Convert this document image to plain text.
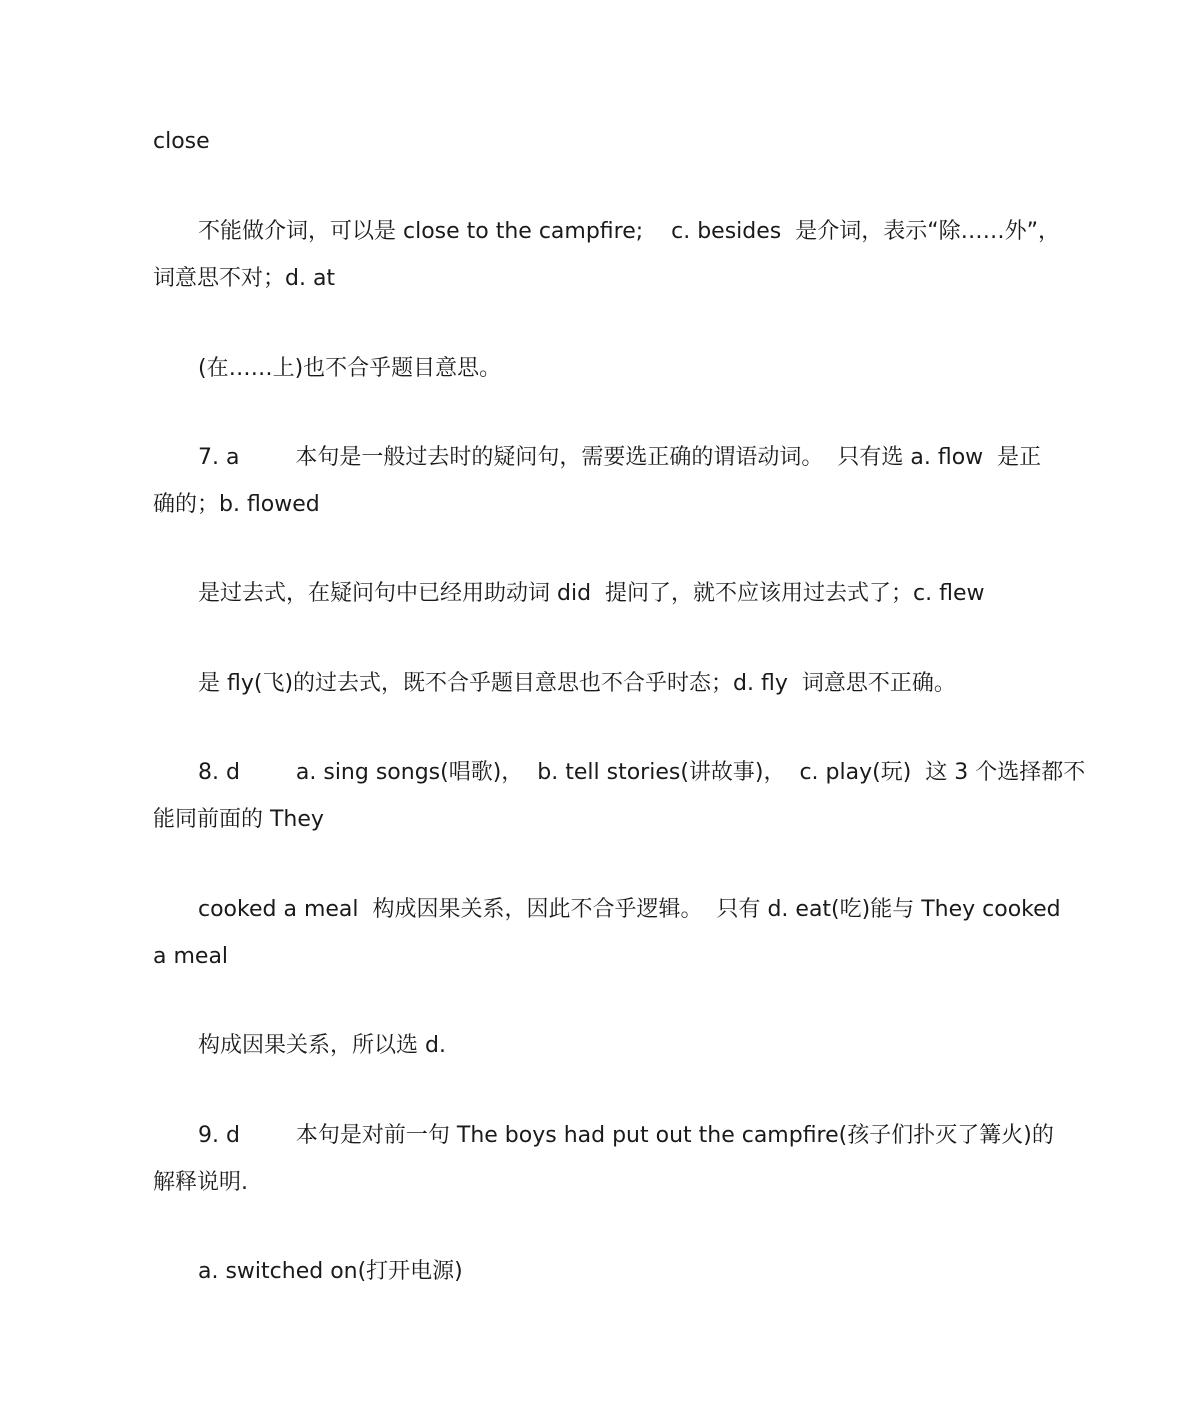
close
不能做介词，可以是 close to the campfire;    c. besides  是介词，表示“除……外”，
词意思不对；d. at
(在……上)也不合乎题目意思。
7. a        本句是一般过去时的疑问句，需要选正确的谓语动词。  只有选 a. flow  是正
确的；b. flowed
是过去式，在疑问句中已经用助动词 did  提问了，就不应该用过去式了；c. flew
是 fly(飞)的过去式，既不合乎题目意思也不合乎时态；d. fly  词意思不正确。
8. d        a. sing songs(唱歌)，  b. tell stories(讲故事)，  c. play(玩)  这 3 个选择都不
能同前面的 They
cooked a meal  构成因果关系，因此不合乎逻辑。  只有 d. eat(吃)能与 They cooked
a meal
构成因果关系，所以选 d.
9. d        本句是对前一句 The boys had put out the campfire(孩子们扑灭了篝火)的
解释说明.
a. switched on(打开电源)
